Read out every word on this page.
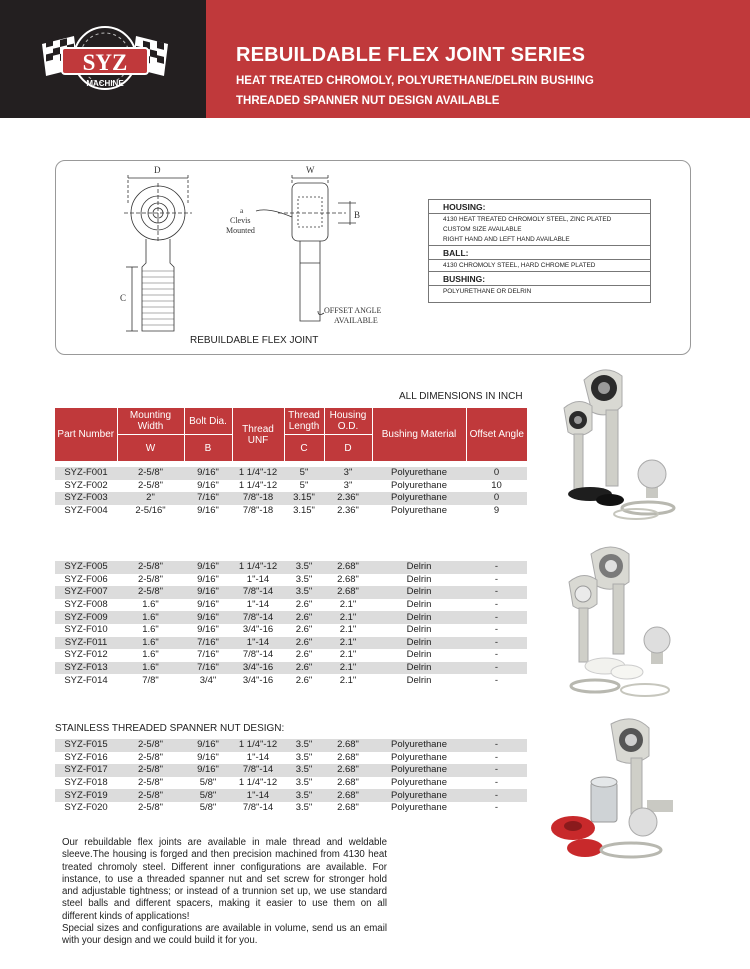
SYZ
MACHINE
REBUILDABLE FLEX JOINT SERIES
HEAT TREATED CHROMOLY, POLYURETHANE/DELRIN BUSHING
THREADED SPANNER NUT DESIGN AVAILABLE
D	W
B
C
a
Clevis
Mounted
OFFSET ANGLE
AVAILABLE
REBUILDABLE FLEX JOINT
HOUSING:
4130 HEAT TREATED CHROMOLY STEEL, ZINC PLATED
CUSTOM SIZE AVAILABLE
RIGHT HAND AND LEFT HAND AVAILABLE
BALL:
4130 CHROMOLY STEEL, HARD CHROME PLATED
BUSHING:
POLYURETHANE OR DELRIN
ALL DIMENSIONS IN INCH
Part Number	Mounting Width	Bolt Dia.	Thread UNF	Thread Length	Housing O.D.	Bushing Material	Offset Angle
	W	B		C	D		
SYZ-F001	2-5/8"	9/16"	1 1/4"-12	5"	3"	Polyurethane	0
SYZ-F002	2-5/8"	9/16"	1 1/4"-12	5"	3"	Polyurethane	10
SYZ-F003	2"	7/16"	7/8"-18	3.15"	2.36"	Polyurethane	0
SYZ-F004	2-5/16"	9/16"	7/8"-18	3.15"	2.36"	Polyurethane	9
SYZ-F005	2-5/8"	9/16"	1 1/4"-12	3.5"	2.68"	Delrin	-
SYZ-F006	2-5/8"	9/16"	1"-14	3.5"	2.68"	Delrin	-
SYZ-F007	2-5/8"	9/16"	7/8"-14	3.5"	2.68"	Delrin	-
SYZ-F008	1.6"	9/16"	1"-14	2.6"	2.1"	Delrin	-
SYZ-F009	1.6"	9/16"	7/8"-14	2.6"	2.1"	Delrin	-
SYZ-F010	1.6"	9/16"	3/4"-16	2.6"	2.1"	Delrin	-
SYZ-F011	1.6"	7/16"	1"-14	2.6"	2.1"	Delrin	-
SYZ-F012	1.6"	7/16"	7/8"-14	2.6"	2.1"	Delrin	-
SYZ-F013	1.6"	7/16"	3/4"-16	2.6"	2.1"	Delrin	-
SYZ-F014	7/8"	3/4"	3/4"-16	2.6"	2.1"	Delrin	-
STAINLESS THREADED SPANNER NUT DESIGN:
SYZ-F015	2-5/8"	9/16"	1 1/4"-12	3.5"	2.68"	Polyurethane	-
SYZ-F016	2-5/8"	9/16"	1"-14	3.5"	2.68"	Polyurethane	-
SYZ-F017	2-5/8"	9/16"	7/8"-14	3.5"	2.68"	Polyurethane	-
SYZ-F018	2-5/8"	5/8"	1 1/4"-12	3.5"	2.68"	Polyurethane	-
SYZ-F019	2-5/8"	5/8"	1"-14	3.5"	2.68"	Polyurethane	-
SYZ-F020	2-5/8"	5/8"	7/8"-14	3.5"	2.68"	Polyurethane	-
Our rebuildable flex joints are available in male thread and weldable sleeve.The housing is forged and then precision machined from 4130 heat treated chromoly steel. Different inner configurations are available. For instance, to use a threaded spanner nut and set screw for stronger hold and adjustable tightness; or instead of a trunnion set up, we use standard steel balls and different spacers, making it easier to use them on all different kinds of applications!
Special sizes and configurations are available in volume, send us an email with your design and we could build it for you.
